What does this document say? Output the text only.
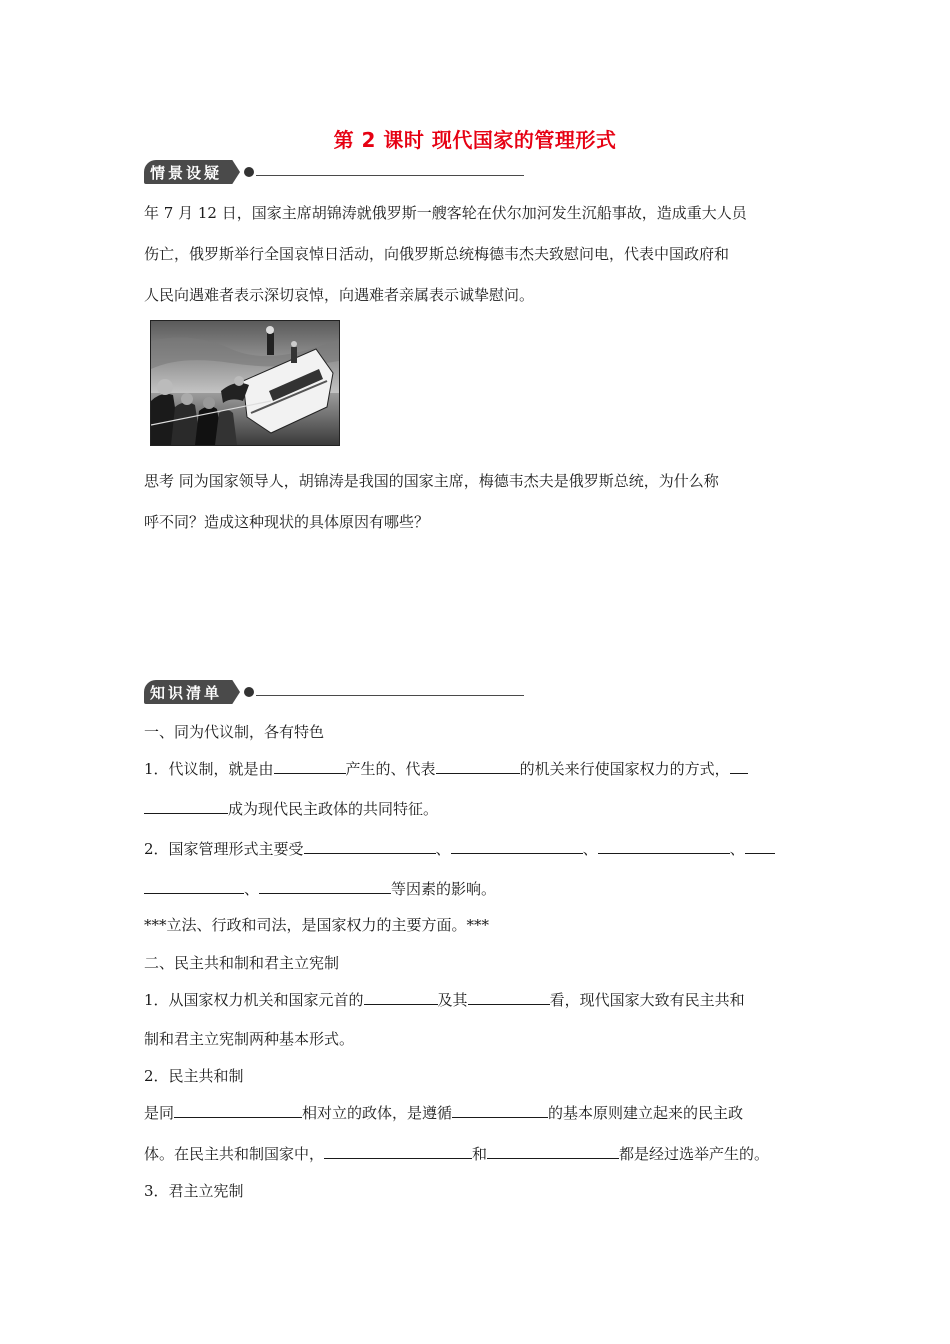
第 2 课时 现代国家的管理形式
情景设疑
年 7 月 12 日，国家主席胡锦涛就俄罗斯一艘客轮在伏尔加河发生沉船事故，造成重大人员
伤亡，俄罗斯举行全国哀悼日活动，向俄罗斯总统梅德韦杰夫致慰问电，代表中国政府和
人民向遇难者表示深切哀悼，向遇难者亲属表示诚挚慰问。
思考 同为国家领导人，胡锦涛是我国的国家主席，梅德韦杰夫是俄罗斯总统，为什么称
呼不同？造成这种现状的具体原因有哪些？
知识清单
一、同为代议制，各有特色
1．代议制，就是由	产生的、代表	的机关来行使国家权力的方式，
成为现代民主政体的共同特征。
2．国家管理形式主要受	、	、	、
、	等因素的影响。
***立法、行政和司法，是国家权力的主要方面。***
二、民主共和制和君主立宪制
1．从国家权力机关和国家元首的	及其	看，现代国家大致有民主共和
制和君主立宪制两种基本形式。
2．民主共和制
是同	相对立的政体，是遵循	的基本原则建立起来的民主政
体。在民主共和制国家中，	和	都是经过选举产生的。
3．君主立宪制
